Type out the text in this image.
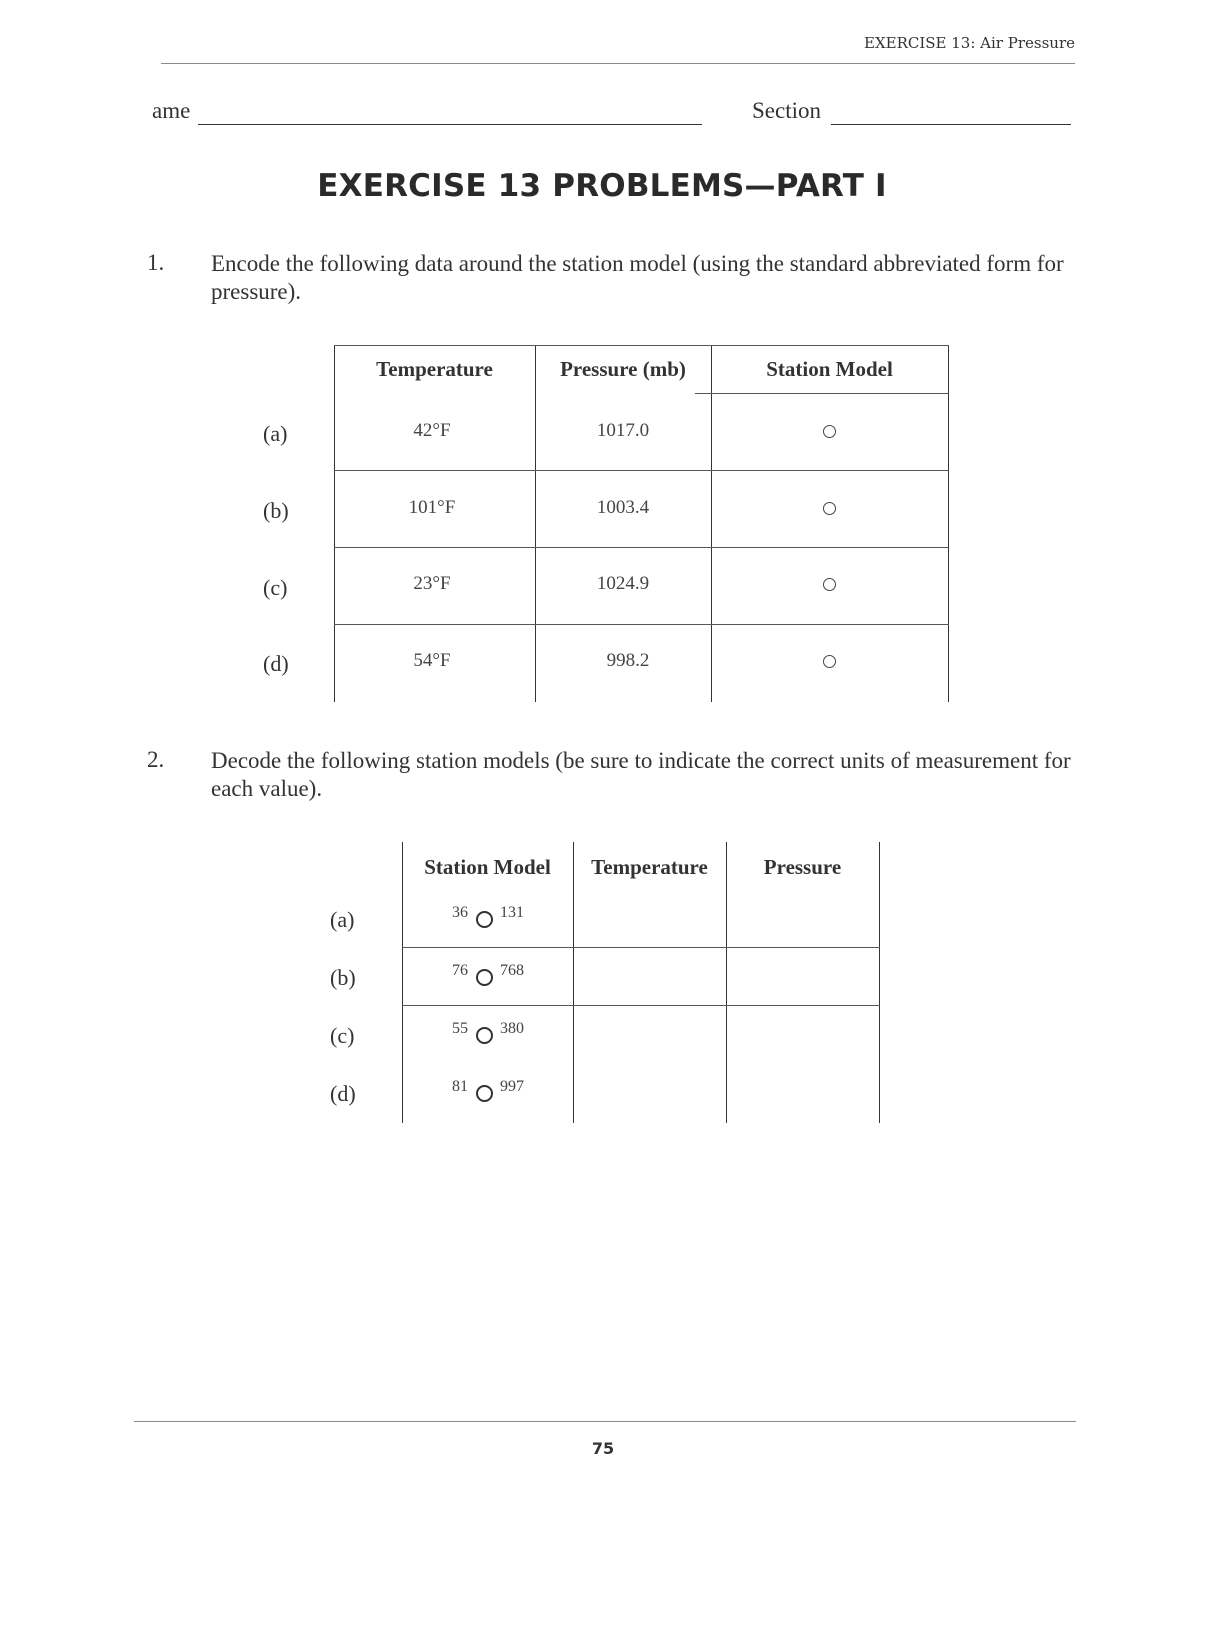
EXERCISE 13: Air Pressure
ame	Section
EXERCISE 13 PROBLEMS—PART I
1. Encode the following data around the station model (using the standard abbreviated form for pressure).
Temperature	Pressure (mb)	Station Model
(a)	42°F	1017.0
(b)	101°F	1003.4
(c)	23°F	1024.9
(d)	54°F	998.2
2. Decode the following station models (be sure to indicate the correct units of measurement for each value).
Station Model	Temperature	Pressure
(a)	36 131
(b)	76 768
(c)	55 380
(d)	81 997
75
